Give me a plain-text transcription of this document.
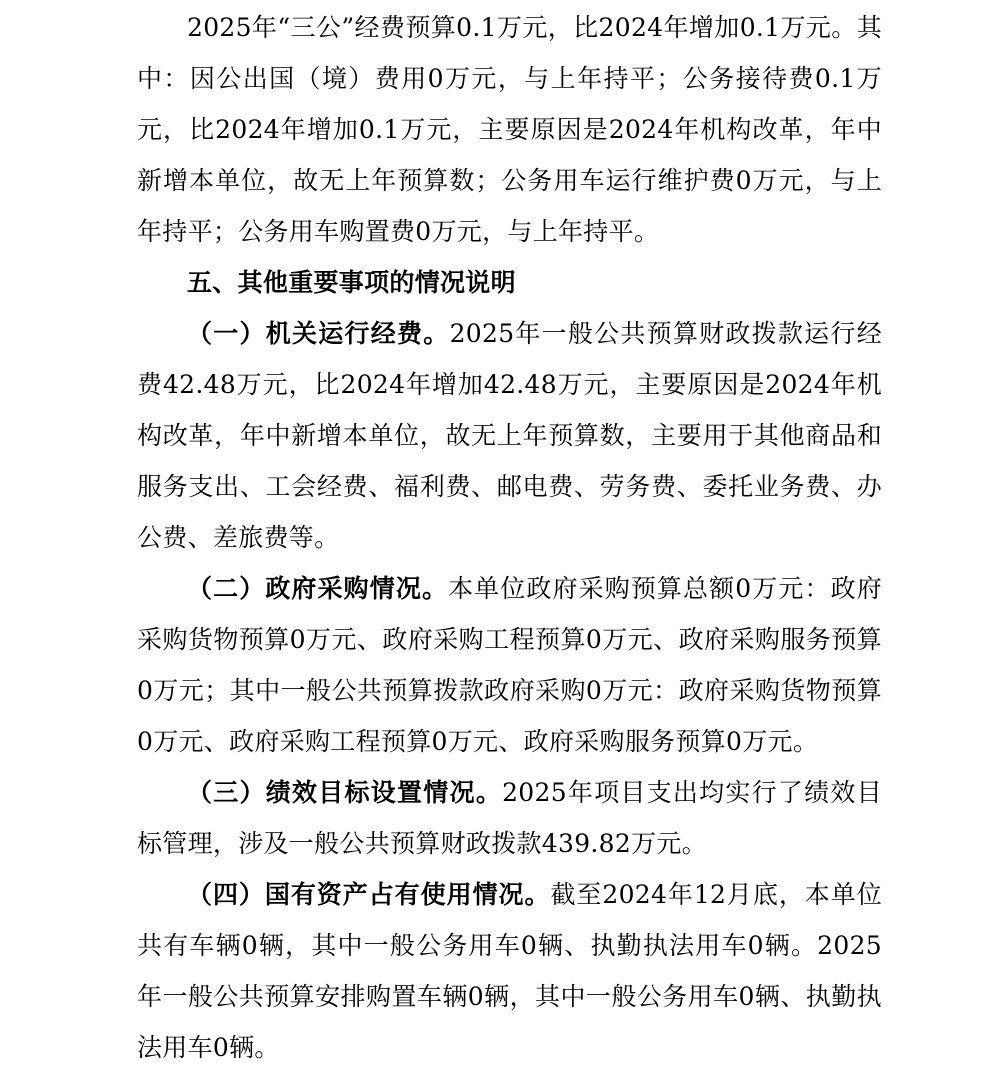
2025年“三公”经费预算0.1万元，比2024年增加0.1万元。其中：因公出国（境）费用0万元，与上年持平；公务接待费0.1万元，比2024年增加0.1万元，主要原因是2024年机构改革，年中新增本单位，故无上年预算数；公务用车运行维护费0万元，与上年持平；公务用车购置费0万元，与上年持平。

五、其他重要事项的情况说明

（一）机关运行经费。2025年一般公共预算财政拨款运行经费42.48万元，比2024年增加42.48万元，主要原因是2024年机构改革，年中新增本单位，故无上年预算数，主要用于其他商品和服务支出、工会经费、福利费、邮电费、劳务费、委托业务费、办公费、差旅费等。

（二）政府采购情况。本单位政府采购预算总额0万元：政府采购货物预算0万元、政府采购工程预算0万元、政府采购服务预算0万元；其中一般公共预算拨款政府采购0万元：政府采购货物预算0万元、政府采购工程预算0万元、政府采购服务预算0万元。

（三）绩效目标设置情况。2025年项目支出均实行了绩效目标管理，涉及一般公共预算财政拨款439.82万元。

（四）国有资产占有使用情况。截至2024年12月底，本单位共有车辆0辆，其中一般公务用车0辆、执勤执法用车0辆。2025年一般公共预算安排购置车辆0辆，其中一般公务用车0辆、执勤执法用车0辆。
